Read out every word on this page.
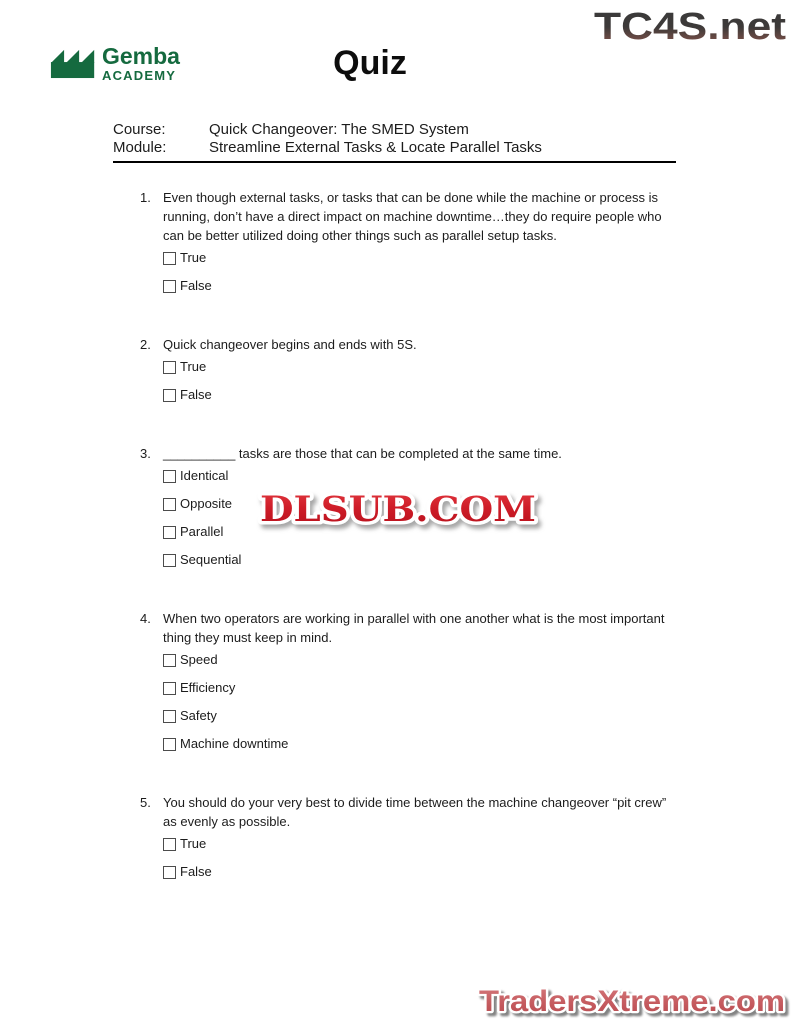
Gemba
ACADEMY	Quiz
TC4S.net
Course:	Quick Changeover: The SMED System
Module:	Streamline External Tasks & Locate Parallel Tasks
1. Even though external tasks, or tasks that can be done while the machine or process is running, don’t have a direct impact on machine downtime…they do require people who can be better utilized doing other things such as parallel setup tasks.
True
False
2. Quick changeover begins and ends with 5S.
True
False
3. __________ tasks are those that can be completed at the same time.
Identical
Opposite
Parallel
Sequential
4. When two operators are working in parallel with one another what is the most important thing they must keep in mind.
Speed
Efficiency
Safety
Machine downtime
5. You should do your very best to divide time between the machine changeover “pit crew” as evenly as possible.
True
False
DLSUB.COM
TradersXtreme.com
